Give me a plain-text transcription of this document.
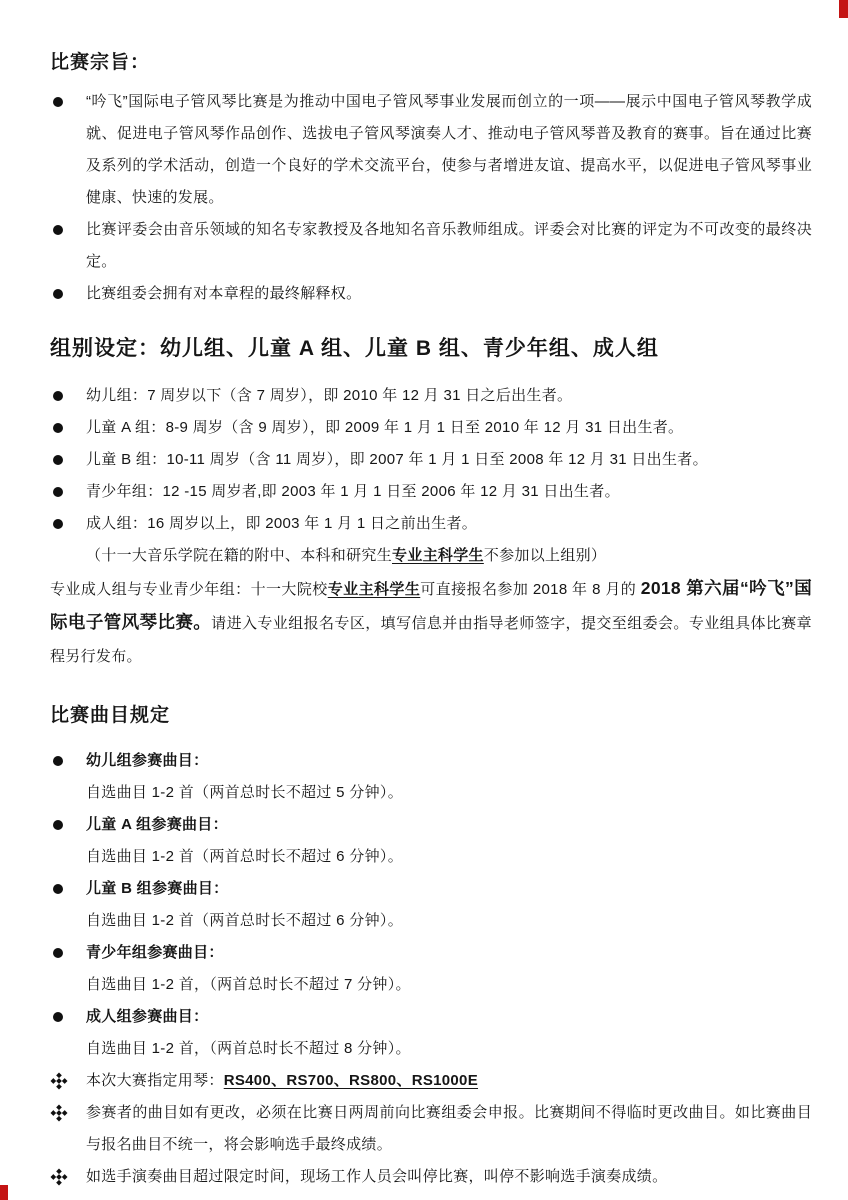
比赛宗旨：
“吟飞”国际电子管风琴比赛是为推动中国电子管风琴事业发展而创立的一项——展示中国电子管风琴教学成就、促进电子管风琴作品创作、选拔电子管风琴演奏人才、推动电子管风琴普及教育的赛事。旨在通过比赛及系列的学术活动，创造一个良好的学术交流平台，使参与者增进友谊、提高水平，以促进电子管风琴事业健康、快速的发展。
比赛评委会由音乐领域的知名专家教授及各地知名音乐教师组成。评委会对比赛的评定为不可改变的最终决定。
比赛组委会拥有对本章程的最终解释权。
组别设定：幼儿组、儿童 A 组、儿童 B 组、青少年组、成人组
幼儿组：7 周岁以下（含 7 周岁），即 2010 年 12 月 31 日之后出生者。
儿童 A 组：8-9 周岁（含 9 周岁），即 2009 年 1 月 1 日至 2010 年 12 月 31 日出生者。
儿童 B 组：10-11 周岁（含 11 周岁），即 2007 年 1 月 1 日至 2008 年 12 月 31 日出生者。
青少年组：12 -15 周岁者,即 2003 年 1 月 1 日至 2006 年 12 月 31 日出生者。
成人组：16 周岁以上，即 2003 年 1 月 1 日之前出生者。
（十一大音乐学院在籍的附中、本科和研究生专业主科学生不参加以上组别）

专业成人组与专业青少年组：十一大院校专业主科学生可直接报名参加 2018 年 8 月的 2018 第六届“吟飞”国际电子管风琴比赛。请进入专业组报名专区，填写信息并由指导老师签字，提交至组委会。专业组具体比赛章程另行发布。

比赛曲目规定
幼儿组参赛曲目：
自选曲目 1-2 首（两首总时长不超过 5 分钟）。
儿童 A 组参赛曲目：
自选曲目 1-2 首（两首总时长不超过 6 分钟）。
儿童 B 组参赛曲目：
自选曲目 1-2 首（两首总时长不超过 6 分钟）。
青少年组参赛曲目：
自选曲目 1-2 首，（两首总时长不超过 7 分钟）。
成人组参赛曲目：
自选曲目 1-2 首，（两首总时长不超过 8 分钟）。
本次大赛指定用琴：RS400、RS700、RS800、RS1000E
参赛者的曲目如有更改，必须在比赛日两周前向比赛组委会申报。比赛期间不得临时更改曲目。如比赛曲目与报名曲目不统一，将会影响选手最终成绩。
如选手演奏曲目超过限定时间，现场工作人员会叫停比赛，叫停不影响选手演奏成绩。
